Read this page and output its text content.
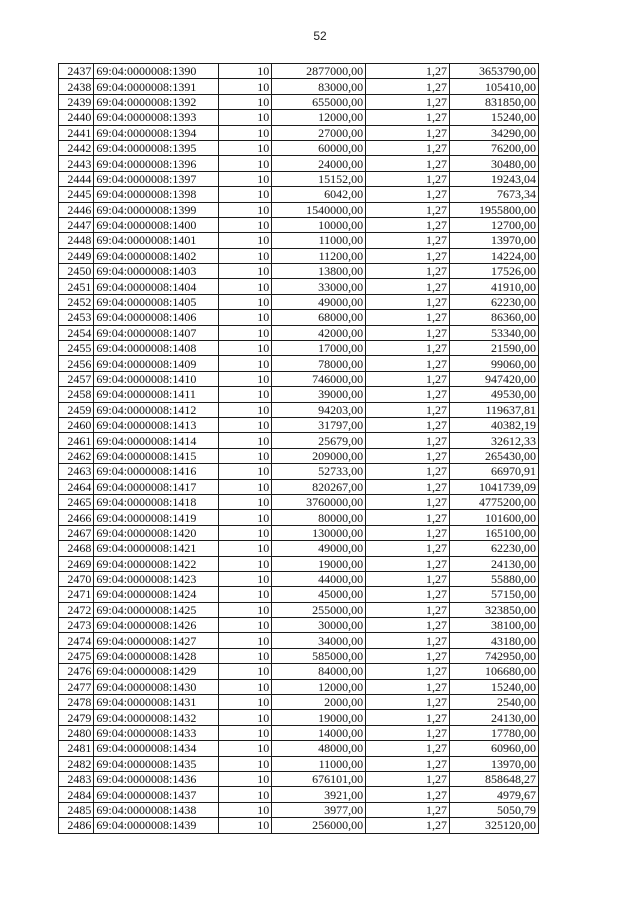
52
2437	69:04:0000008:1390	10	2877000,00	1,27	3653790,00
2438	69:04:0000008:1391	10	83000,00	1,27	105410,00
2439	69:04:0000008:1392	10	655000,00	1,27	831850,00
2440	69:04:0000008:1393	10	12000,00	1,27	15240,00
2441	69:04:0000008:1394	10	27000,00	1,27	34290,00
2442	69:04:0000008:1395	10	60000,00	1,27	76200,00
2443	69:04:0000008:1396	10	24000,00	1,27	30480,00
2444	69:04:0000008:1397	10	15152,00	1,27	19243,04
2445	69:04:0000008:1398	10	6042,00	1,27	7673,34
2446	69:04:0000008:1399	10	1540000,00	1,27	1955800,00
2447	69:04:0000008:1400	10	10000,00	1,27	12700,00
2448	69:04:0000008:1401	10	11000,00	1,27	13970,00
2449	69:04:0000008:1402	10	11200,00	1,27	14224,00
2450	69:04:0000008:1403	10	13800,00	1,27	17526,00
2451	69:04:0000008:1404	10	33000,00	1,27	41910,00
2452	69:04:0000008:1405	10	49000,00	1,27	62230,00
2453	69:04:0000008:1406	10	68000,00	1,27	86360,00
2454	69:04:0000008:1407	10	42000,00	1,27	53340,00
2455	69:04:0000008:1408	10	17000,00	1,27	21590,00
2456	69:04:0000008:1409	10	78000,00	1,27	99060,00
2457	69:04:0000008:1410	10	746000,00	1,27	947420,00
2458	69:04:0000008:1411	10	39000,00	1,27	49530,00
2459	69:04:0000008:1412	10	94203,00	1,27	119637,81
2460	69:04:0000008:1413	10	31797,00	1,27	40382,19
2461	69:04:0000008:1414	10	25679,00	1,27	32612,33
2462	69:04:0000008:1415	10	209000,00	1,27	265430,00
2463	69:04:0000008:1416	10	52733,00	1,27	66970,91
2464	69:04:0000008:1417	10	820267,00	1,27	1041739,09
2465	69:04:0000008:1418	10	3760000,00	1,27	4775200,00
2466	69:04:0000008:1419	10	80000,00	1,27	101600,00
2467	69:04:0000008:1420	10	130000,00	1,27	165100,00
2468	69:04:0000008:1421	10	49000,00	1,27	62230,00
2469	69:04:0000008:1422	10	19000,00	1,27	24130,00
2470	69:04:0000008:1423	10	44000,00	1,27	55880,00
2471	69:04:0000008:1424	10	45000,00	1,27	57150,00
2472	69:04:0000008:1425	10	255000,00	1,27	323850,00
2473	69:04:0000008:1426	10	30000,00	1,27	38100,00
2474	69:04:0000008:1427	10	34000,00	1,27	43180,00
2475	69:04:0000008:1428	10	585000,00	1,27	742950,00
2476	69:04:0000008:1429	10	84000,00	1,27	106680,00
2477	69:04:0000008:1430	10	12000,00	1,27	15240,00
2478	69:04:0000008:1431	10	2000,00	1,27	2540,00
2479	69:04:0000008:1432	10	19000,00	1,27	24130,00
2480	69:04:0000008:1433	10	14000,00	1,27	17780,00
2481	69:04:0000008:1434	10	48000,00	1,27	60960,00
2482	69:04:0000008:1435	10	11000,00	1,27	13970,00
2483	69:04:0000008:1436	10	676101,00	1,27	858648,27
2484	69:04:0000008:1437	10	3921,00	1,27	4979,67
2485	69:04:0000008:1438	10	3977,00	1,27	5050,79
2486	69:04:0000008:1439	10	256000,00	1,27	325120,00
